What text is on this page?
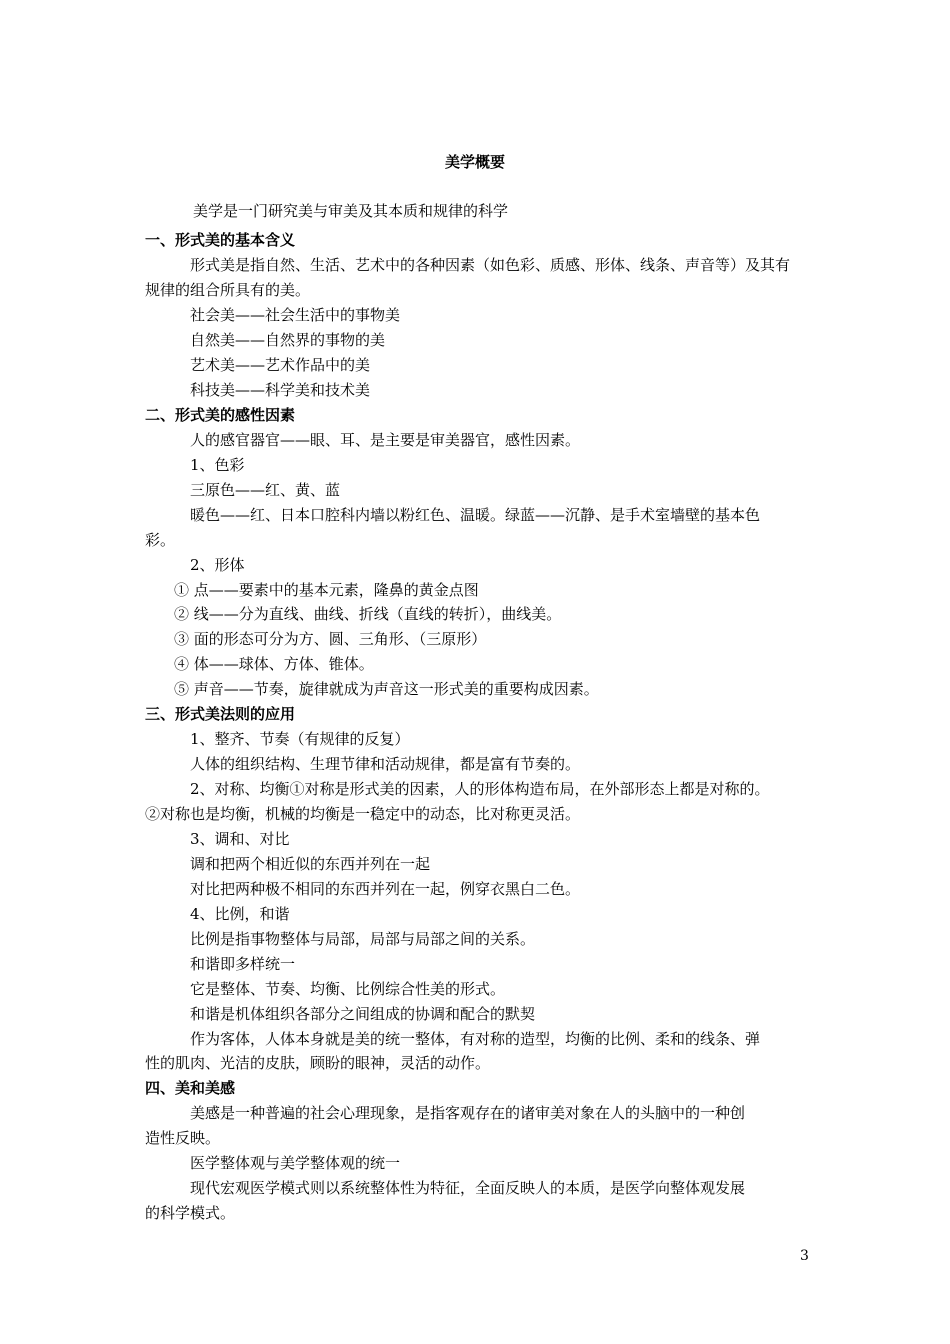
美学概要
美学是一门研究美与审美及其本质和规律的科学
一、形式美的基本含义
形式美是指自然、生活、艺术中的各种因素（如色彩、质感、形体、线条、声音等）及其有
规律的组合所具有的美。
社会美——社会生活中的事物美
自然美——自然界的事物的美
艺术美——艺术作品中的美
科技美——科学美和技术美
二、形式美的感性因素
人的感官器官——眼、耳、是主要是审美器官，感性因素。
1、色彩
三原色——红、黄、蓝
暖色——红、日本口腔科内墙以粉红色、温暖。绿蓝——沉静、是手术室墙壁的基本色
彩。
2、形体
① 点——要素中的基本元素，隆鼻的黄金点图
② 线——分为直线、曲线、折线（直线的转折），曲线美。
③ 面的形态可分为方、圆、三角形、（三原形）
④ 体——球体、方体、锥体。
⑤ 声音——节奏，旋律就成为声音这一形式美的重要构成因素。
三、形式美法则的应用
1、整齐、节奏（有规律的反复）
人体的组织结构、生理节律和活动规律，都是富有节奏的。
2、对称、均衡①对称是形式美的因素，人的形体构造布局，在外部形态上都是对称的。
②对称也是均衡，机械的均衡是一稳定中的动态，比对称更灵活。
3、调和、对比
调和把两个相近似的东西并列在一起
对比把两种极不相同的东西并列在一起，例穿衣黑白二色。
4、比例，和谐
比例是指事物整体与局部，局部与局部之间的关系。
和谐即多样统一
它是整体、节奏、均衡、比例综合性美的形式。
和谐是机体组织各部分之间组成的协调和配合的默契
作为客体，人体本身就是美的统一整体，有对称的造型，均衡的比例、柔和的线条、弹
性的肌肉、光洁的皮肤，顾盼的眼神，灵活的动作。
四、美和美感
美感是一种普遍的社会心理现象，是指客观存在的诸审美对象在人的头脑中的一种创
造性反映。
医学整体观与美学整体观的统一
现代宏观医学模式则以系统整体性为特征，全面反映人的本质，是医学向整体观发展
的科学模式。
3
